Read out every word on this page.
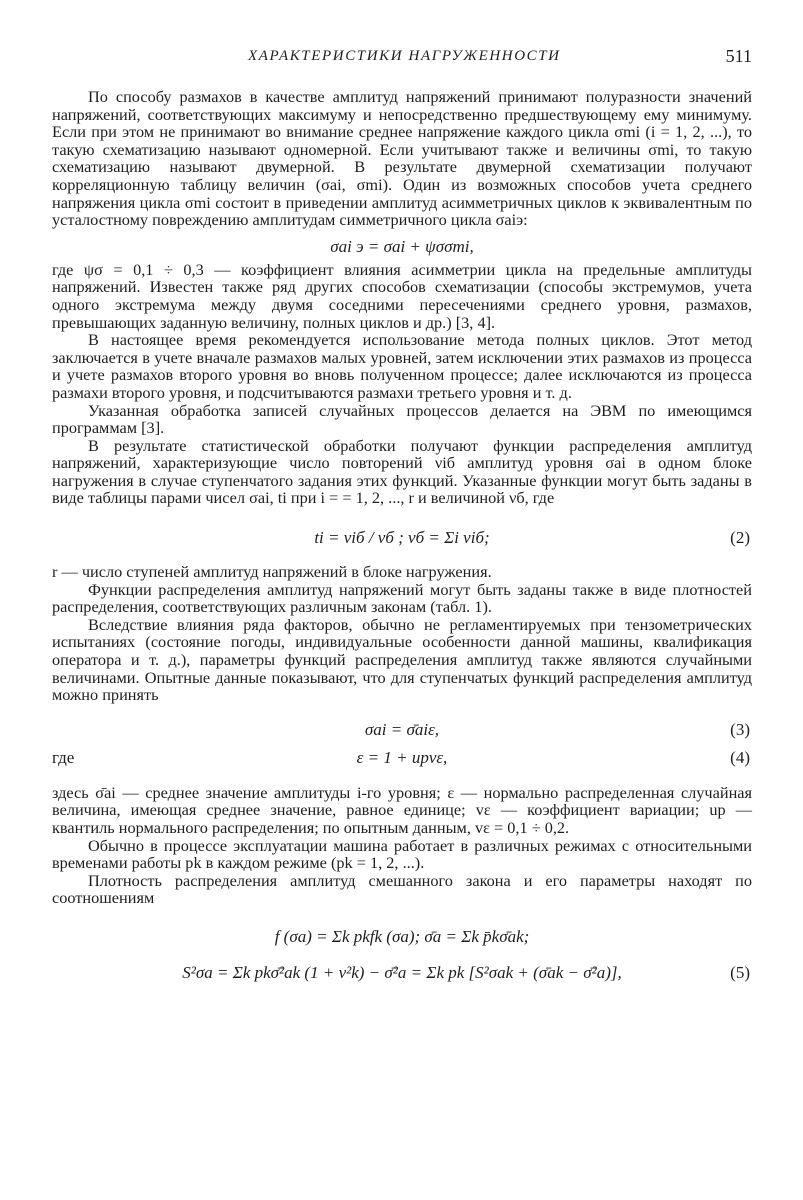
ХАРАКТЕРИСТИКИ НАГРУЖЕННОСТИ	511

По способу размахов в качестве амплитуд напряжений принимают полуразности значений напряжений, соответствующих максимуму и непосредственно предшествующему ему минимуму. Если при этом не принимают во внимание среднее напряжение каждого цикла σmi (i = 1, 2, ...), то такую схематизацию называют одномерной. Если учитывают также и величины σmi, то такую схематизацию называют двумерной. В результате двумерной схематизации получают корреляционную таблицу величин (σai, σmi). Один из возможных способов учета среднего напряжения цикла σmi состоит в приведении амплитуд асимметричных циклов к эквивалентным по усталостному повреждению амплитудам симметричного цикла σaiэ:

σai э = σai + ψσσmi,

где ψσ = 0,1 ÷ 0,3 — коэффициент влияния асимметрии цикла на предельные амплитуды напряжений. Известен также ряд других способов схематизации (способы экстремумов, учета одного экстремума между двумя соседними пересечениями среднего уровня, размахов, превышающих заданную величину, полных циклов и др.) [3, 4].

В настоящее время рекомендуется использование метода полных циклов. Этот метод заключается в учете вначале размахов малых уровней, затем исключении этих размахов из процесса и учете размахов второго уровня во вновь полученном процессе; далее исключаются из процесса размахи второго уровня, и подсчитываются размахи третьего уровня и т. д.

Указанная обработка записей случайных процессов делается на ЭВМ по имеющимся программам [3].

В результате статистической обработки получают функции распределения амплитуд напряжений, характеризующие число повторений νiб амплитуд уровня σai в одном блоке нагружения в случае ступенчатого задания этих функций. Указанные функции могут быть заданы в виде таблицы парами чисел σai, ti при i = = 1, 2, ..., r и величиной νб, где

ti = νiб / νб ; νб = Σi νiб;	(2)

r — число ступеней амплитуд напряжений в блоке нагружения.

Функции распределения амплитуд напряжений могут быть заданы также в виде плотностей распределения, соответствующих различным законам (табл. 1).

Вследствие влияния ряда факторов, обычно не регламентируемых при тензометрических испытаниях (состояние погоды, индивидуальные особенности данной машины, квалификация оператора и т. д.), параметры функций распределения амплитуд также являются случайными величинами. Опытные данные показывают, что для ступенчатых функций распределения амплитуд можно принять

σai = σ̄aiε,	(3)
где	ε = 1 + upvε,	(4)

здесь σ̄ai — среднее значение амплитуды i-го уровня; ε — нормально распределенная случайная величина, имеющая среднее значение, равное единице; vε — коэффициент вариации; up — квантиль нормального распределения; по опытным данным, vε = 0,1 ÷ 0,2.

Обычно в процессе эксплуатации машина работает в различных режимах с относительными временами работы pk в каждом режиме (pk = 1, 2, ...).

Плотность распределения амплитуд смешанного закона и его параметры находят по соотношениям

f (σa) = Σk pkfk (σa); σ̄a = Σk p̄kσ̄ak;
S²σa = Σk pkσ̄²ak (1 + v²k) − σ̄²a = Σk pk [S²σak + (σ̄ak − σ̄²a)],	(5)
